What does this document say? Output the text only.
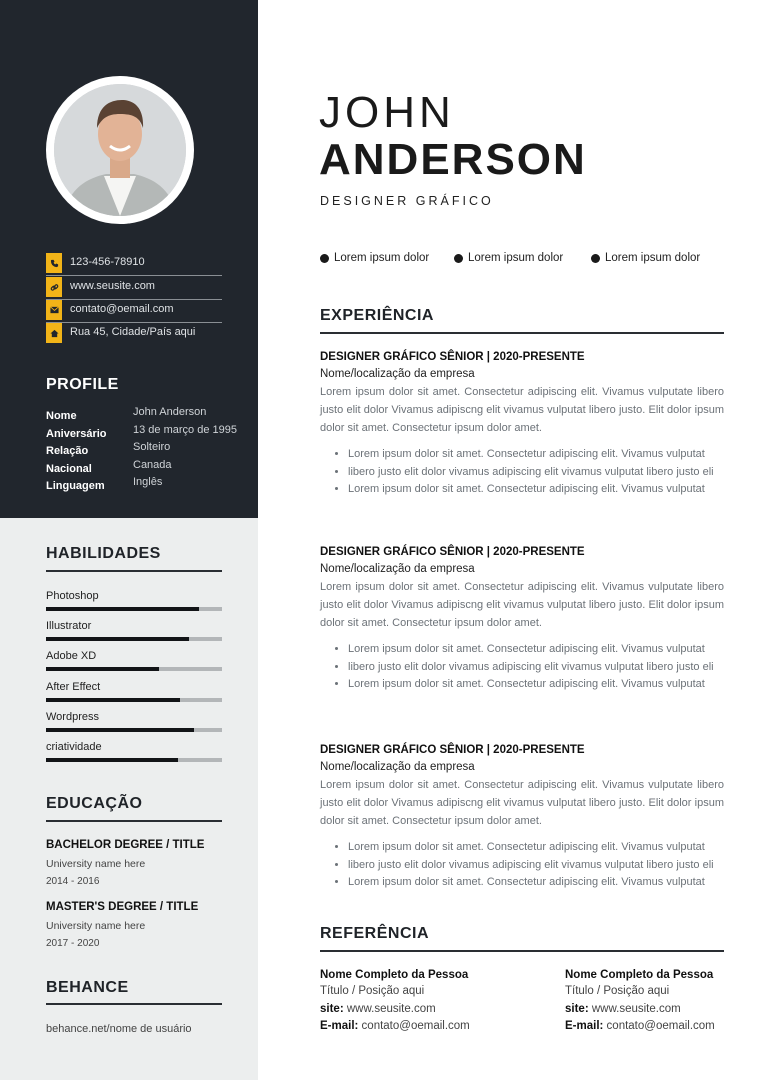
123-456-78910
www.seusite.com
contato@oemail.com
Rua 45, Cidade/País aqui
PROFILE
Nome	John Anderson
Aniversário 13 de março de 1995
Relação	Solteiro
Nacional	Canada
Linguagem	Inglês
HABILIDADES
Photoshop
Illustrator
Adobe XD
After Effect
Wordpress
criatividade
EDUCAÇÃO
BACHELOR DEGREE / TITLE
University name here
2014 - 2016
MASTER'S DEGREE / TITLE
University name here
2017 - 2020
BEHANCE
behance.net/nome de usuário
JOHN
ANDERSON
DESIGNER GRÁFICO
Lorem ipsum dolor	Lorem ipsum dolor	Lorem ipsum dolor
EXPERIÊNCIA
DESIGNER GRÁFICO SÊNIOR | 2020-PRESENTE
Nome/localização da empresa
Lorem ipsum dolor sit amet. Consectetur adipiscing elit. Vivamus vulputate libero justo elit dolor Vivamus adipiscng elit vivamus vulputat libero justo. Elit dolor ipsum dolor sit amet. Consectetur ipsum dolor amet.
• Lorem ipsum dolor sit amet. Consectetur adipiscing elit. Vivamus vulputat
• libero justo elit dolor vivamus adipiscing elit vivamus vulputat libero justo eli
• Lorem ipsum dolor sit amet. Consectetur adipiscing elit. Vivamus vulputat
DESIGNER GRÁFICO SÊNIOR | 2020-PRESENTE
Nome/localização da empresa
Lorem ipsum dolor sit amet. Consectetur adipiscing elit. Vivamus vulputate libero justo elit dolor Vivamus adipiscng elit vivamus vulputat libero justo. Elit dolor ipsum dolor sit amet. Consectetur ipsum dolor amet.
• Lorem ipsum dolor sit amet. Consectetur adipiscing elit. Vivamus vulputat
• libero justo elit dolor vivamus adipiscing elit vivamus vulputat libero justo eli
• Lorem ipsum dolor sit amet. Consectetur adipiscing elit. Vivamus vulputat
DESIGNER GRÁFICO SÊNIOR | 2020-PRESENTE
Nome/localização da empresa
Lorem ipsum dolor sit amet. Consectetur adipiscing elit. Vivamus vulputate libero justo elit dolor Vivamus adipiscng elit vivamus vulputat libero justo. Elit dolor ipsum dolor sit amet. Consectetur ipsum dolor amet.
• Lorem ipsum dolor sit amet. Consectetur adipiscing elit. Vivamus vulputat
• libero justo elit dolor vivamus adipiscing elit vivamus vulputat libero justo eli
• Lorem ipsum dolor sit amet. Consectetur adipiscing elit. Vivamus vulputat
REFERÊNCIA
Nome Completo da Pessoa
Título / Posição aqui
site: www.seusite.com
E-mail: contato@oemail.com
Nome Completo da Pessoa
Título / Posição aqui
site: www.seusite.com
E-mail: contato@oemail.com
